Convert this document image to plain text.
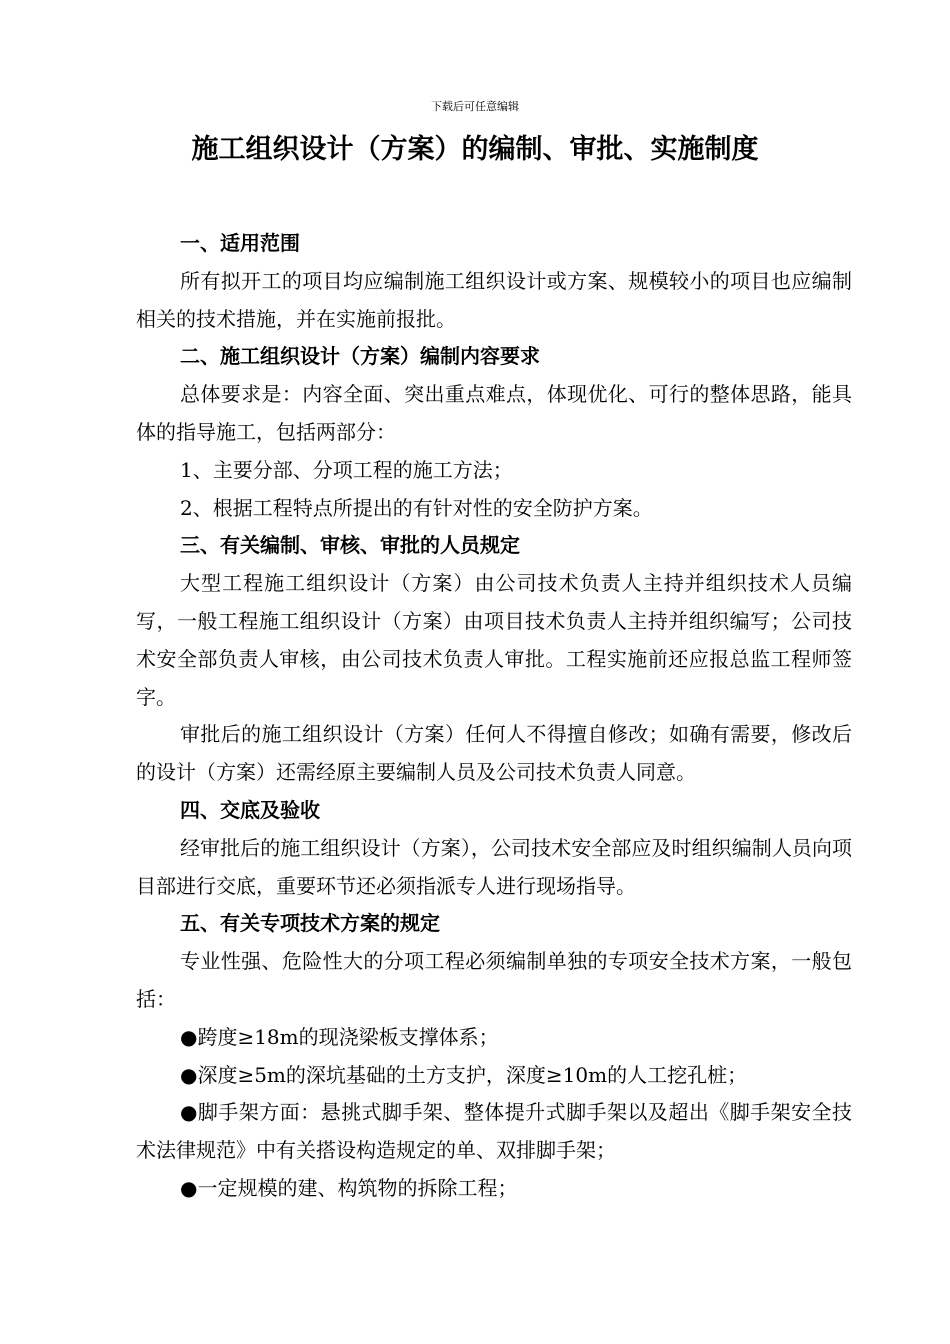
下载后可任意编辑
施工组织设计（方案）的编制、审批、实施制度

一、适用范围

所有拟开工的项目均应编制施工组织设计或方案、规模较小的项目也应编制相关的技术措施，并在实施前报批。

二、施工组织设计（方案）编制内容要求

总体要求是：内容全面、突出重点难点，体现优化、可行的整体思路，能具体的指导施工，包括两部分：

1、主要分部、分项工程的施工方法；

2、根据工程特点所提出的有针对性的安全防护方案。

三、有关编制、审核、审批的人员规定

大型工程施工组织设计（方案）由公司技术负责人主持并组织技术人员编写，一般工程施工组织设计（方案）由项目技术负责人主持并组织编写；公司技术安全部负责人审核，由公司技术负责人审批。工程实施前还应报总监工程师签字。

审批后的施工组织设计（方案）任何人不得擅自修改；如确有需要，修改后的设计（方案）还需经原主要编制人员及公司技术负责人同意。

四、交底及验收

经审批后的施工组织设计（方案），公司技术安全部应及时组织编制人员向项目部进行交底，重要环节还必须指派专人进行现场指导。

五、有关专项技术方案的规定

专业性强、危险性大的分项工程必须编制单独的专项安全技术方案，一般包括：

●跨度≥18m的现浇梁板支撑体系；

●深度≥5m的深坑基础的土方支护，深度≥10m的人工挖孔桩；

●脚手架方面：悬挑式脚手架、整体提升式脚手架以及超出《脚手架安全技术法律规范》中有关搭设构造规定的单、双排脚手架；

●一定规模的建、构筑物的拆除工程；
